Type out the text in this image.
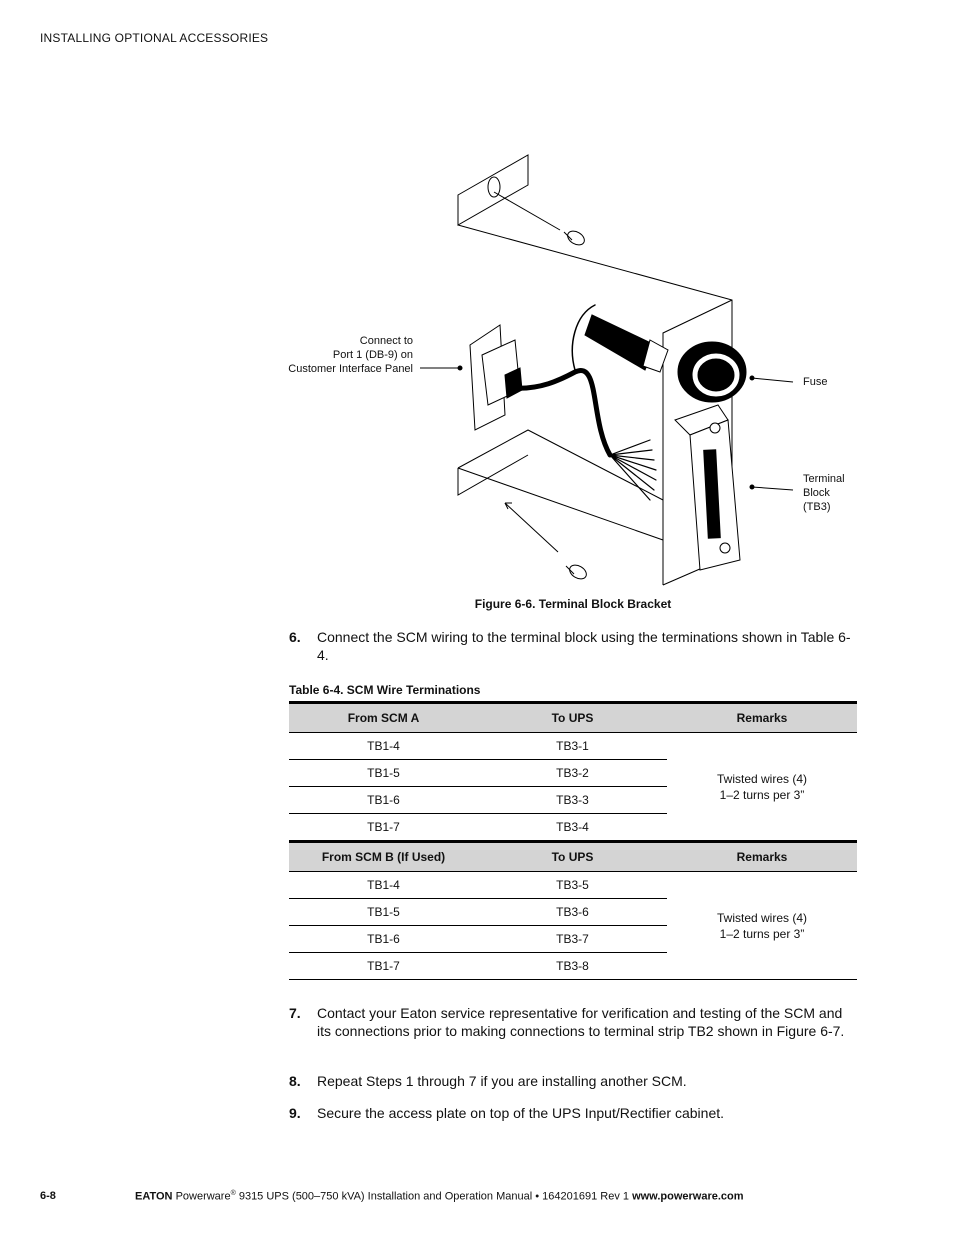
INSTALLING OPTIONAL ACCESSORIES
Connect to
Port 1 (DB-9) on
Customer Interface Panel
Fuse
Terminal
Block
(TB3)
Figure 6-6. Terminal Block Bracket
6. Connect the SCM wiring to the terminal block using the terminations shown in Table 6-4.
Table 6-4. SCM Wire Terminations
From SCM A	To UPS	Remarks
TB1-4	TB3-1	Twisted wires (4)
1–2 turns per 3”

TB1-5	TB3-2	
TB1-6	TB3-3	
TB1-7	TB3-4	
From SCM B (If Used)	To UPS	Remarks
TB1-4	TB3-5	Twisted wires (4)
1–2 turns per 3”

TB1-5	TB3-6	
TB1-6	TB3-7	
TB1-7	TB3-8	
7. Contact your Eaton service representative for verification and testing of the SCM and its connections prior to making connections to terminal strip TB2 shown in Figure 6-7.
8. Repeat Steps 1 through 7 if you are installing another SCM.
9. Secure the access plate on top of the UPS Input/Rectifier cabinet.
6-8	EATON Powerware® 9315 UPS (500–750 kVA) Installation and Operation Manual • 164201691 Rev 1 www.powerware.com
